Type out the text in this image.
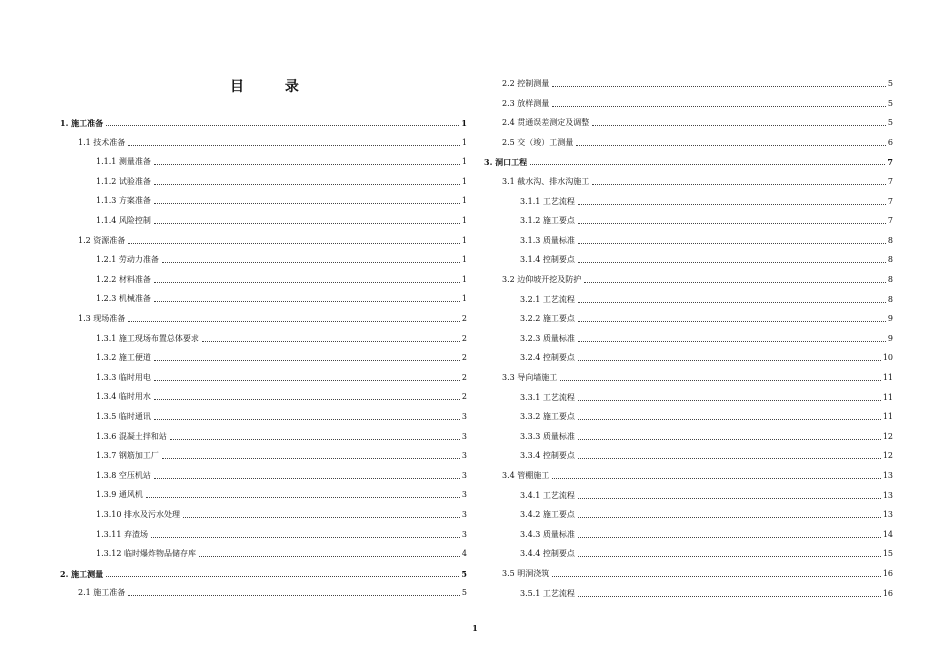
目 录
1. 施工准备	1
1.1 技术准备	1
1.1.1 测量准备	1
1.1.2 试验准备	1
1.1.3 方案准备	1
1.1.4 风险控制	1
1.2 资源准备	1
1.2.1 劳动力准备	1
1.2.2 材料准备	1
1.2.3 机械准备	1
1.3 现场准备	2
1.3.1 施工现场布置总体要求	2
1.3.2 施工便道	2
1.3.3 临时用电	2
1.3.4 临时用水	2
1.3.5 临时通讯	3
1.3.6 混凝土拌和站	3
1.3.7 钢筋加工厂	3
1.3.8 空压机站	3
1.3.9 通风机	3
1.3.10 排水及污水处理	3
1.3.11 弃渣场	3
1.3.12 临时爆炸物品储存库	4
2. 施工测量	5
2.1 施工准备	5
2.2 控制测量	5
2.3 放样测量	5
2.4 贯通误差测定及调整	5
2.5 交（竣）工测量	6
3. 洞口工程	7
3.1 截水沟、排水沟施工	7
3.1.1 工艺流程	7
3.1.2 施工要点	7
3.1.3 质量标准	8
3.1.4 控制要点	8
3.2 边仰坡开挖及防护	8
3.2.1 工艺流程	8
3.2.2 施工要点	9
3.2.3 质量标准	9
3.2.4 控制要点	10
3.3 导向墙施工	11
3.3.1 工艺流程	11
3.3.2 施工要点	11
3.3.3 质量标准	12
3.3.4 控制要点	12
3.4 管棚施工	13
3.4.1 工艺流程	13
3.4.2 施工要点	13
3.4.3 质量标准	14
3.4.4 控制要点	15
3.5 明洞浇筑	16
3.5.1 工艺流程	16
1
